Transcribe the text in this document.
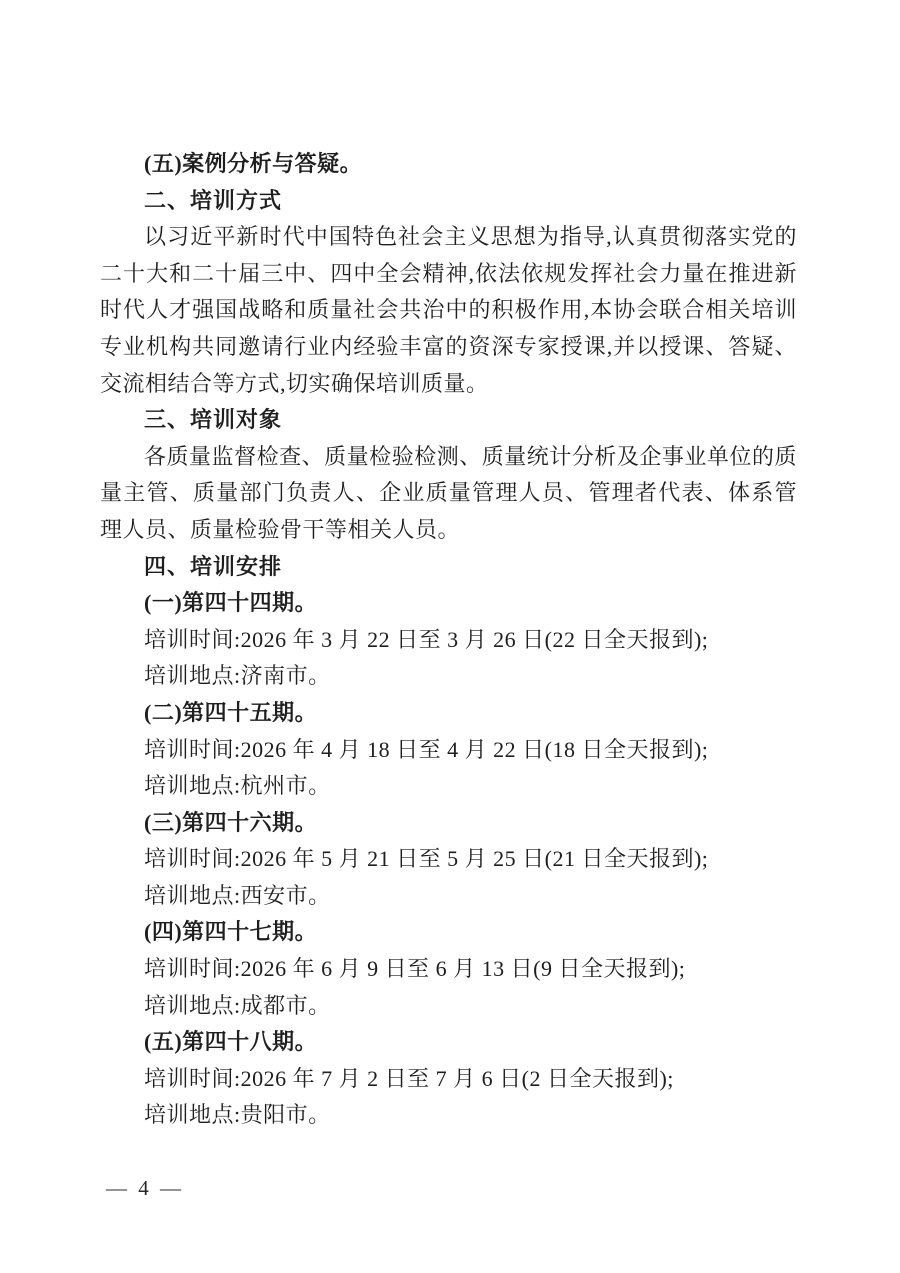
(五)案例分析与答疑。

二、培训方式

以习近平新时代中国特色社会主义思想为指导,认真贯彻落实党的二十大和二十届三中、四中全会精神,依法依规发挥社会力量在推进新时代人才强国战略和质量社会共治中的积极作用,本协会联合相关培训专业机构共同邀请行业内经验丰富的资深专家授课,并以授课、答疑、交流相结合等方式,切实确保培训质量。

三、培训对象

各质量监督检查、质量检验检测、质量统计分析及企事业单位的质量主管、质量部门负责人、企业质量管理人员、管理者代表、体系管理人员、质量检验骨干等相关人员。

四、培训安排

(一)第四十四期。

培训时间:2026 年 3 月 22 日至 3 月 26 日(22 日全天报到);

培训地点:济南市。

(二)第四十五期。

培训时间:2026 年 4 月 18 日至 4 月 22 日(18 日全天报到);

培训地点:杭州市。

(三)第四十六期。

培训时间:2026 年 5 月 21 日至 5 月 25 日(21 日全天报到);

培训地点:西安市。

(四)第四十七期。

培训时间:2026 年 6 月 9 日至 6 月 13 日(9 日全天报到);

培训地点:成都市。

(五)第四十八期。

培训时间:2026 年 7 月 2 日至 7 月 6 日(2 日全天报到);

培训地点:贵阳市。

— 4 —
